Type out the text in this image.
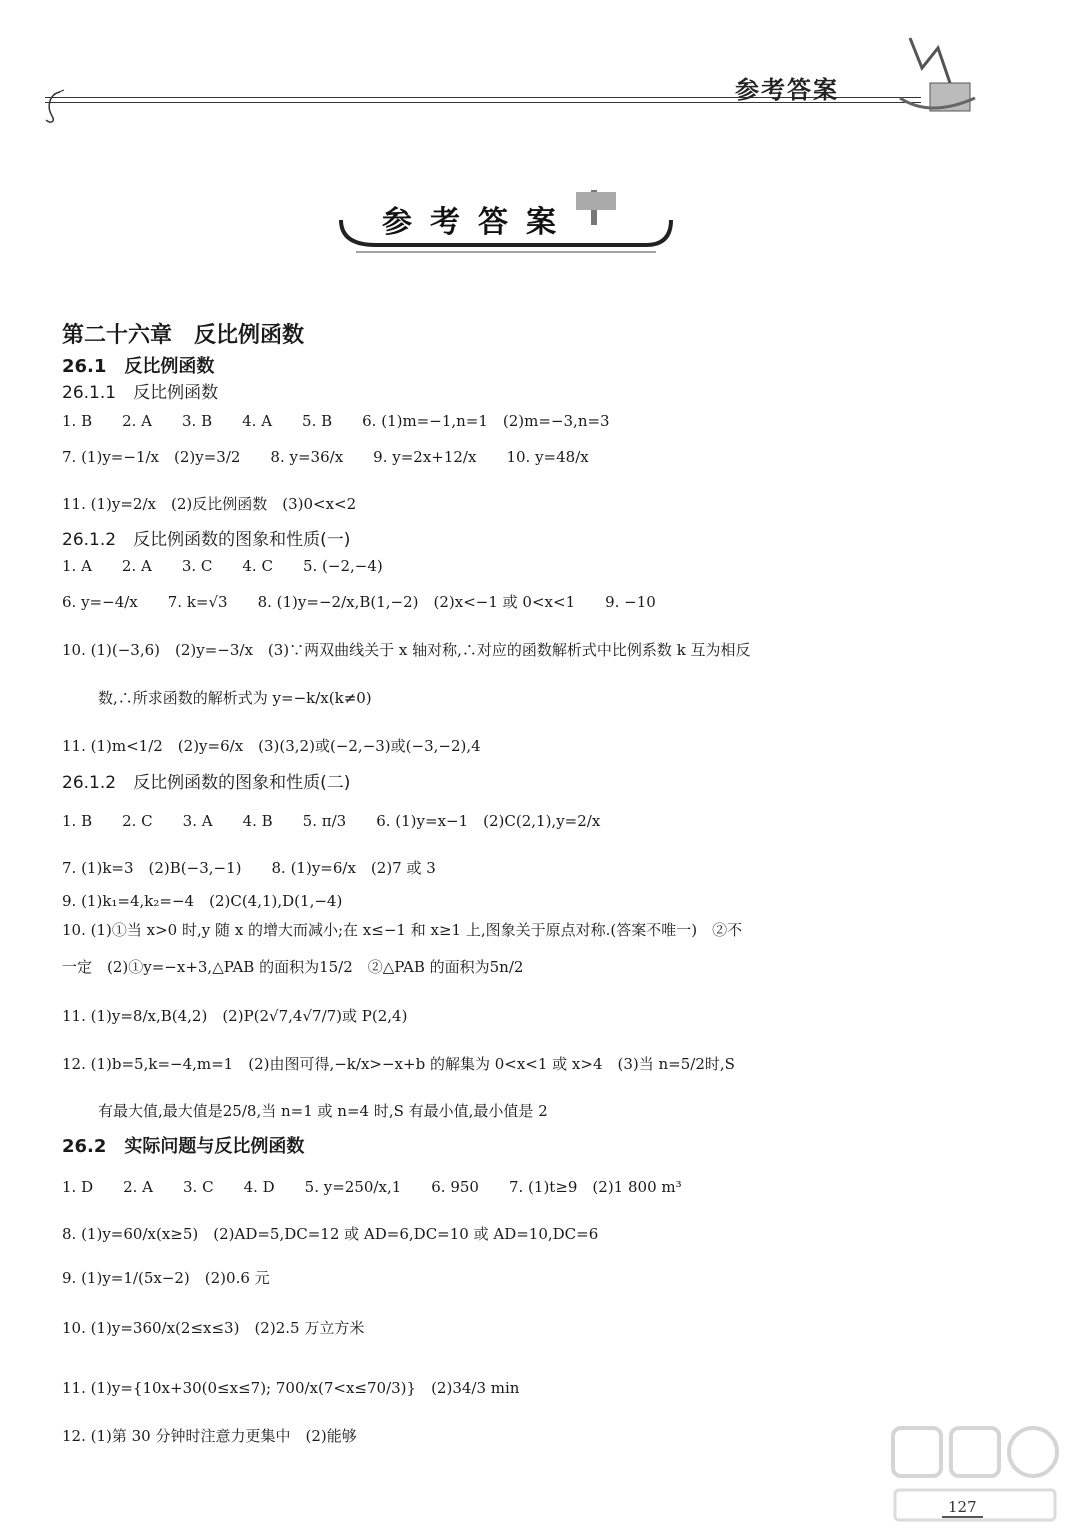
参考答案
参考答案
第二十六章　反比例函数
26.1　反比例函数
26.1.1　反比例函数
1. B　　2. A　　3. B　　4. A　　5. B　　6. (1)m=−1,n=1　(2)m=−3,n=3
7. (1)y=−1/x　(2)y=3/2　　8. y=36/x　　9. y=2x+12/x　　10. y=48/x
11. (1)y=2/x　(2)反比例函数　(3)0<x<2
26.1.2　反比例函数的图象和性质(一)
1. A　　2. A　　3. C　　4. C　　5. (−2,−4)
6. y=−4/x　　7. k=√3　　8. (1)y=−2/x,B(1,−2)　(2)x<−1 或 0<x<1　　9. −10
10. (1)(−3,6)　(2)y=−3/x　(3)∵两双曲线关于 x 轴对称,∴对应的函数解析式中比例系数 k 互为相反
数,∴所求函数的解析式为 y=−k/x(k≠0)
11. (1)m<1/2　(2)y=6/x　(3)(3,2)或(−2,−3)或(−3,−2),4
26.1.2　反比例函数的图象和性质(二)
1. B　　2. C　　3. A　　4. B　　5. π/3　　6. (1)y=x−1　(2)C(2,1),y=2/x
7. (1)k=3　(2)B(−3,−1)　　8. (1)y=6/x　(2)7 或 3
9. (1)k₁=4,k₂=−4　(2)C(4,1),D(1,−4)
10. (1)①当 x>0 时,y 随 x 的增大而减小;在 x≤−1 和 x≥1 上,图象关于原点对称.(答案不唯一)　②不
一定　(2)①y=−x+3,△PAB 的面积为15/2　②△PAB 的面积为5n/2
11. (1)y=8/x,B(4,2)　(2)P(2√7,4√7/7)或 P(2,4)
12. (1)b=5,k=−4,m=1　(2)由图可得,−k/x>−x+b 的解集为 0<x<1 或 x>4　(3)当 n=5/2时,S
有最大值,最大值是25/8,当 n=1 或 n=4 时,S 有最小值,最小值是 2
26.2　实际问题与反比例函数
1. D　　2. A　　3. C　　4. D　　5. y=250/x,1　　6. 950　　7. (1)t≥9　(2)1 800 m³
8. (1)y=60/x(x≥5)　(2)AD=5,DC=12 或 AD=6,DC=10 或 AD=10,DC=6
9. (1)y=1/(5x−2)　(2)0.6 元
10. (1)y=360/x(2≤x≤3)　(2)2.5 万立方米
11. (1)y={10x+30(0≤x≤7); 700/x(7<x≤70/3)}　(2)34/3 min
12. (1)第 30 分钟时注意力更集中　(2)能够
127
